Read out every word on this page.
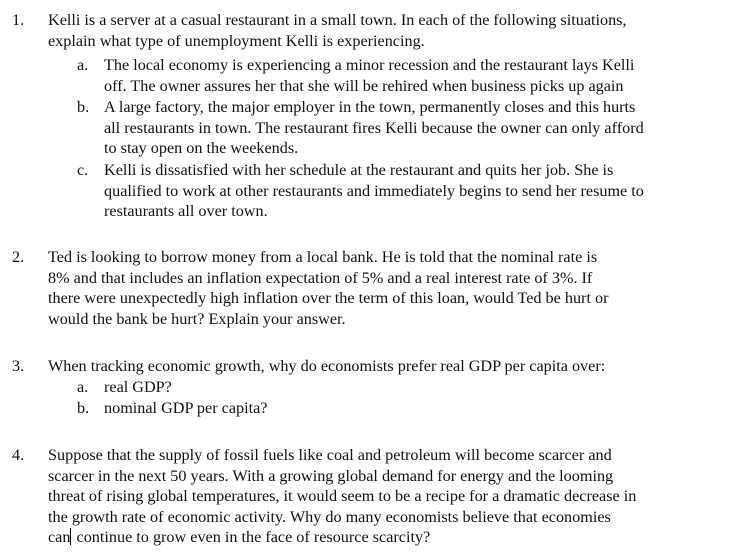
1. Kelli is a server at a casual restaurant in a small town. In each of the following situations,
explain what type of unemployment Kelli is experiencing.
a. The local economy is experiencing a minor recession and the restaurant lays Kelli
off. The owner assures her that she will be rehired when business picks up again
b. A large factory, the major employer in the town, permanently closes and this hurts
all restaurants in town. The restaurant fires Kelli because the owner can only afford
to stay open on the weekends.
c. Kelli is dissatisfied with her schedule at the restaurant and quits her job. She is
qualified to work at other restaurants and immediately begins to send her resume to
restaurants all over town.
2. Ted is looking to borrow money from a local bank. He is told that the nominal rate is
8% and that includes an inflation expectation of 5% and a real interest rate of 3%. If
there were unexpectedly high inflation over the term of this loan, would Ted be hurt or
would the bank be hurt? Explain your answer.
3. When tracking economic growth, why do economists prefer real GDP per capita over:
a. real GDP?
b. nominal GDP per capita?
4. Suppose that the supply of fossil fuels like coal and petroleum will become scarcer and
scarcer in the next 50 years. With a growing global demand for energy and the looming
threat of rising global temperatures, it would seem to be a recipe for a dramatic decrease in
the growth rate of economic activity. Why do many economists believe that economies
can continue to grow even in the face of resource scarcity?
